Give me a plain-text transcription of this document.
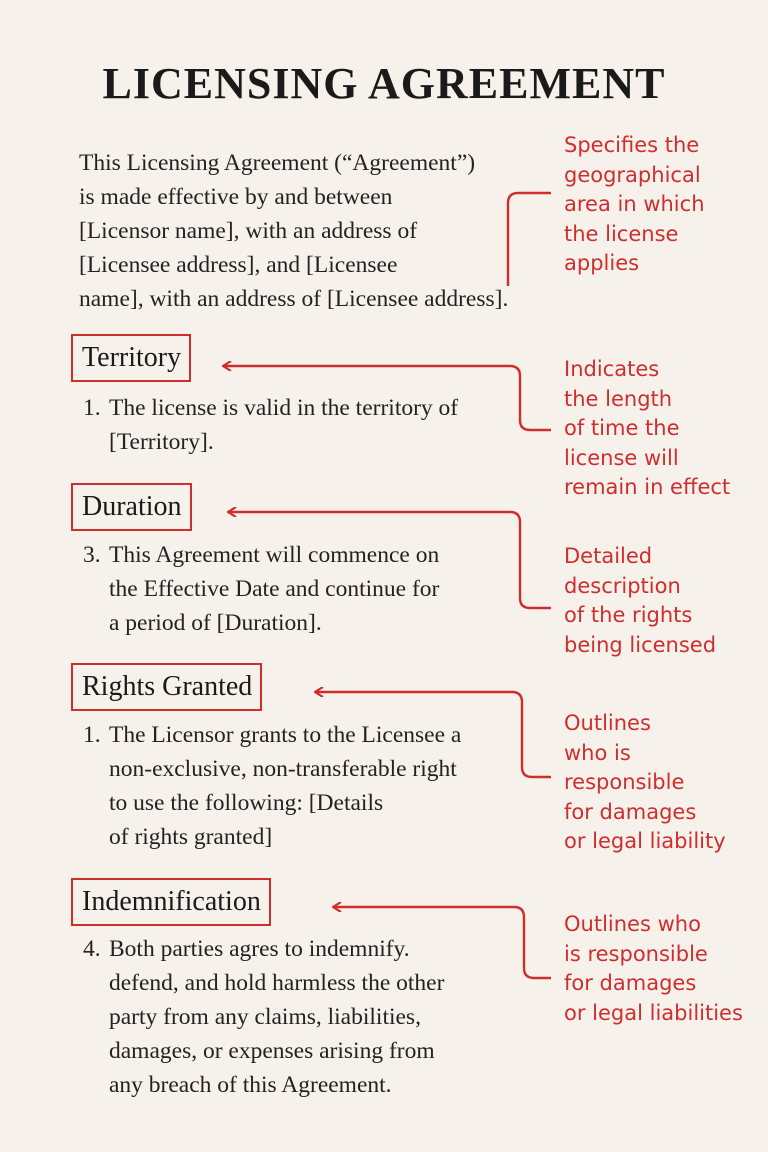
LICENSING AGREEMENT
This Licensing Agreement (“Agreement”)
is made effective by and between
[Licensor name], with an address of
[Licensee address], and [Licensee
name], with an address of [Licensee address].
Territory
1. The license is valid in the territory of
[Territory].
Duration
3. This Agreement will commence on
the Effective Date and continue for
a period of [Duration].
Rights Granted
1. The Licensor grants to the Licensee a
non-exclusive, non-transferable right
to use the following: [Details
of rights granted]
Indemnification
4. Both parties agres to indemnify.
defend, and hold harmless the other
party from any claims, liabilities,
damages, or expenses arising from
any breach of this Agreement.
Specifies the
geographical
area in which
the license
applies
Indicates
the length
of time the
license will
remain in effect
Detailed
description
of the rights
being licensed
Outlines
who is
responsible
for damages
or legal liability
Outlines who
is responsible
for damages
or legal liabilities
